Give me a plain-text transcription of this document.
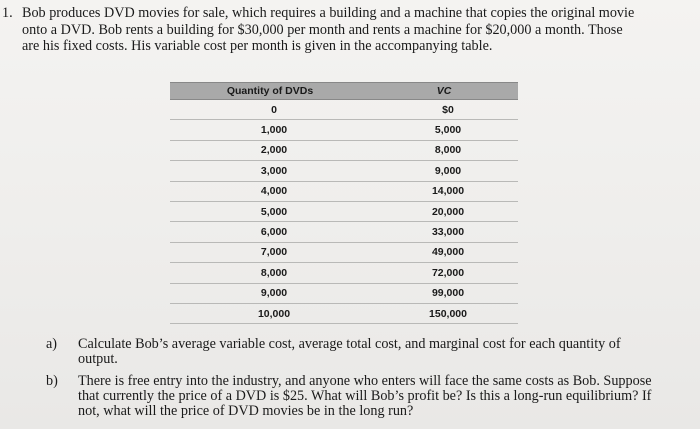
1. Bob produces DVD movies for sale, which requires a building and a machine that copies the original movie
onto a DVD. Bob rents a building for $30,000 per month and rents a machine for $20,000 a month. Those
are his fixed costs. His variable cost per month is given in the accompanying table.
Quantity of DVDs	VC
0	$0
1,000	5,000
2,000	8,000
3,000	9,000
4,000	14,000
5,000	20,000
6,000	33,000
7,000	49,000
8,000	72,000
9,000	99,000
10,000	150,000
a) Calculate Bob’s average variable cost, average total cost, and marginal cost for each quantity of
output.
b) There is free entry into the industry, and anyone who enters will face the same costs as Bob. Suppose
that currently the price of a DVD is $25. What will Bob’s profit be? Is this a long-run equilibrium? If
not, what will the price of DVD movies be in the long run?
